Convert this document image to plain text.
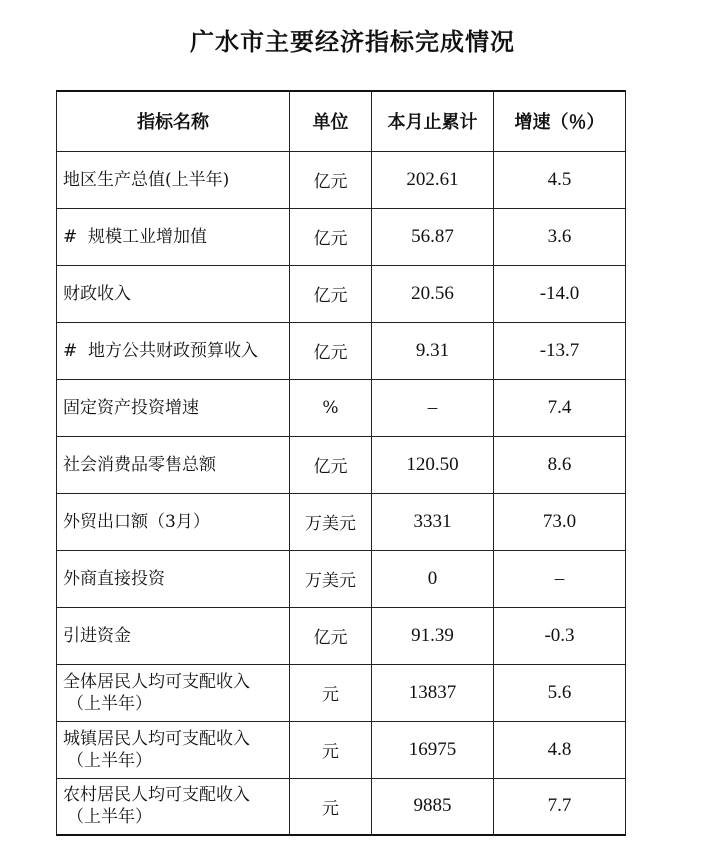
广水市主要经济指标完成情况
指标名称	单位	本月止累计	增速（％）
地区生产总值(上半年)	亿元	202.61	4.5
#  规模工业增加值	亿元	56.87	3.6
财政收入	亿元	20.56	-14.0
#  地方公共财政预算收入	亿元	9.31	-13.7
固定资产投资增速	%	–	7.4
社会消费品零售总额	亿元	120.50	8.6
外贸出口额（3月）	万美元	3331	73.0
外商直接投资	万美元	0	–
引进资金	亿元	91.39	-0.3
全体居民人均可支配收入
（上半年）	元	13837	5.6
城镇居民人均可支配收入
（上半年）	元	16975	4.8
农村居民人均可支配收入
（上半年）	元	9885	7.7
